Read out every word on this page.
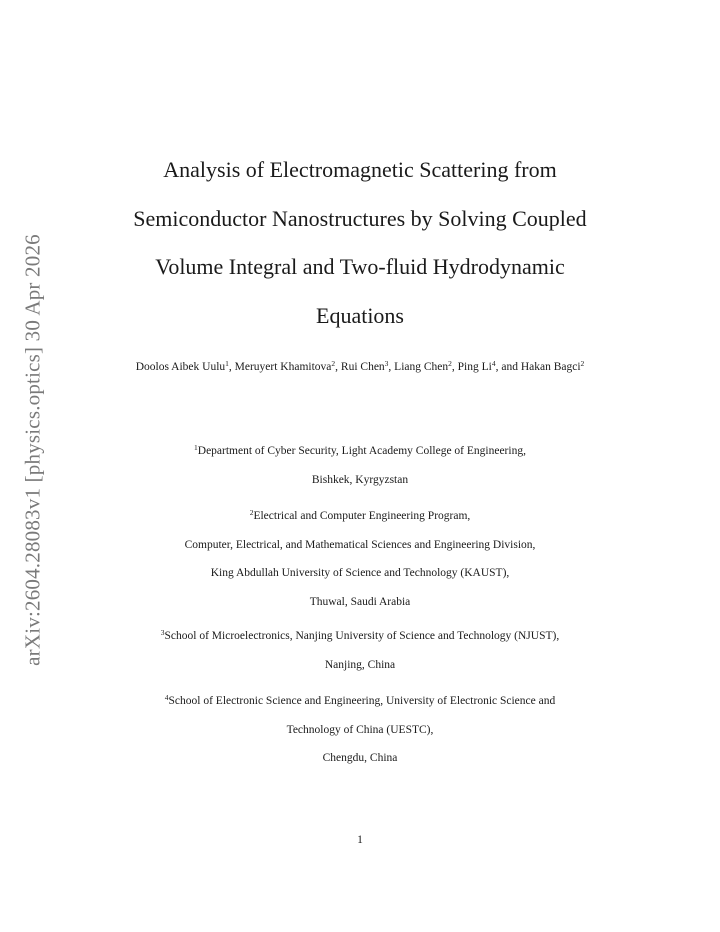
arXiv:2604.28083v1 [physics.optics] 30 Apr 2026
Analysis of Electromagnetic Scattering from
Semiconductor Nanostructures by Solving Coupled
Volume Integral and Two-fluid Hydrodynamic
Equations
Doolos Aibek Uulu$^1$, Meruyert Khamitova$^2$, Rui Chen$^3$, Liang Chen$^2$, Ping Li$^4$, and Hakan Bagci$^2$
$^1$Department of Cyber Security, Light Academy College of Engineering,
Bishkek, Kyrgyzstan
$^2$Electrical and Computer Engineering Program,
Computer, Electrical, and Mathematical Sciences and Engineering Division,
King Abdullah University of Science and Technology (KAUST),
Thuwal, Saudi Arabia
$^3$School of Microelectronics, Nanjing University of Science and Technology (NJUST),
Nanjing, China
$^4$School of Electronic Science and Engineering, University of Electronic Science and
Technology of China (UESTC),
Chengdu, China
1
